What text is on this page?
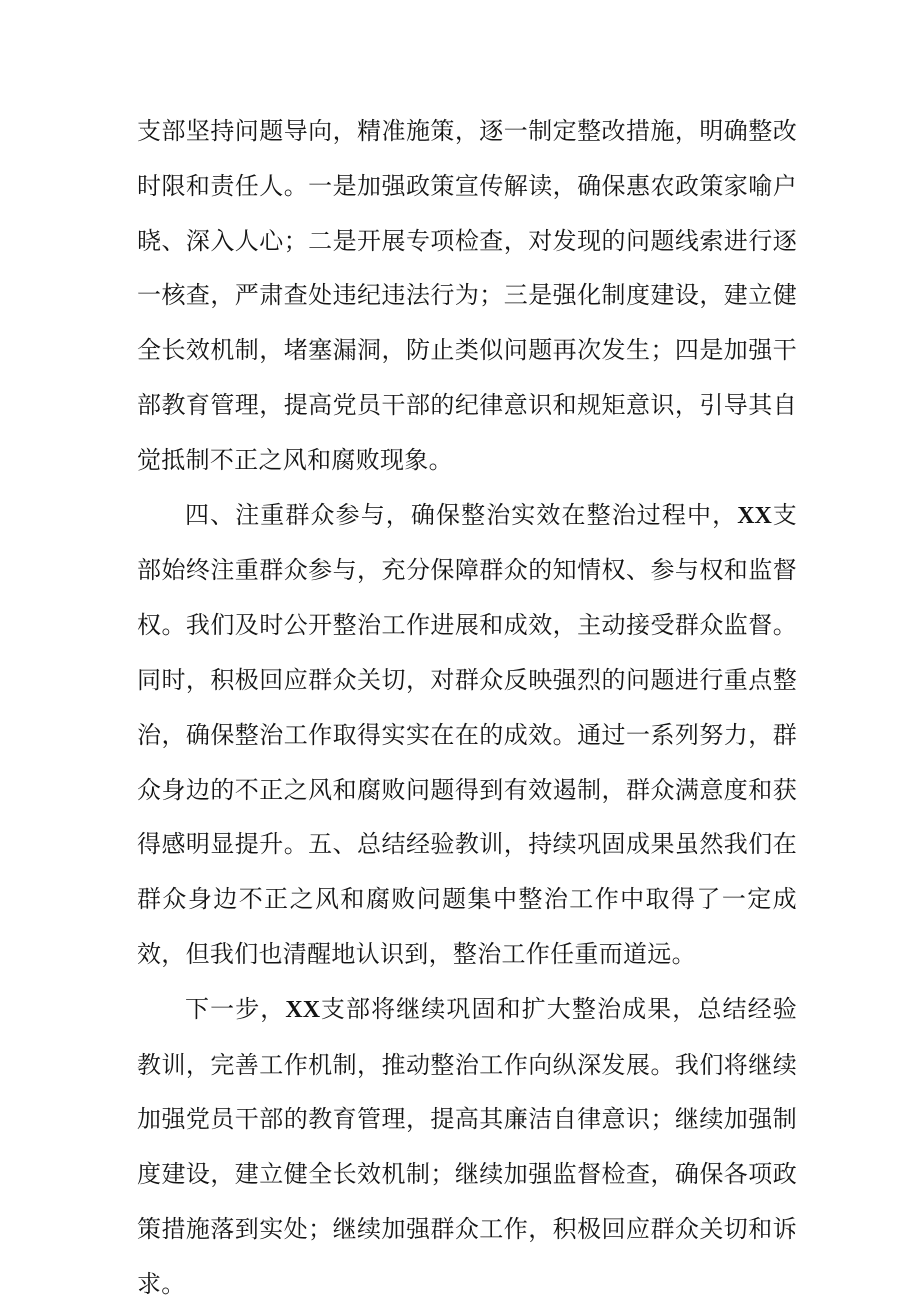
支部坚持问题导向，精准施策，逐一制定整改措施，明确整改时限和责任人。一是加强政策宣传解读，确保惠农政策家喻户晓、深入人心；二是开展专项检查，对发现的问题线索进行逐一核查，严肃查处违纪违法行为；三是强化制度建设，建立健全长效机制，堵塞漏洞，防止类似问题再次发生；四是加强干部教育管理，提高党员干部的纪律意识和规矩意识，引导其自觉抵制不正之风和腐败现象。

四、注重群众参与，确保整治实效在整治过程中，XX支部始终注重群众参与，充分保障群众的知情权、参与权和监督权。我们及时公开整治工作进展和成效，主动接受群众监督。同时，积极回应群众关切，对群众反映强烈的问题进行重点整治，确保整治工作取得实实在在的成效。通过一系列努力，群众身边的不正之风和腐败问题得到有效遏制，群众满意度和获得感明显提升。五、总结经验教训，持续巩固成果虽然我们在群众身边不正之风和腐败问题集中整治工作中取得了一定成效，但我们也清醒地认识到，整治工作任重而道远。

下一步，XX支部将继续巩固和扩大整治成果，总结经验教训，完善工作机制，推动整治工作向纵深发展。我们将继续加强党员干部的教育管理，提高其廉洁自律意识；继续加强制度建设，建立健全长效机制；继续加强监督检查，确保各项政策措施落到实处；继续加强群众工作，积极回应群众关切和诉求。
